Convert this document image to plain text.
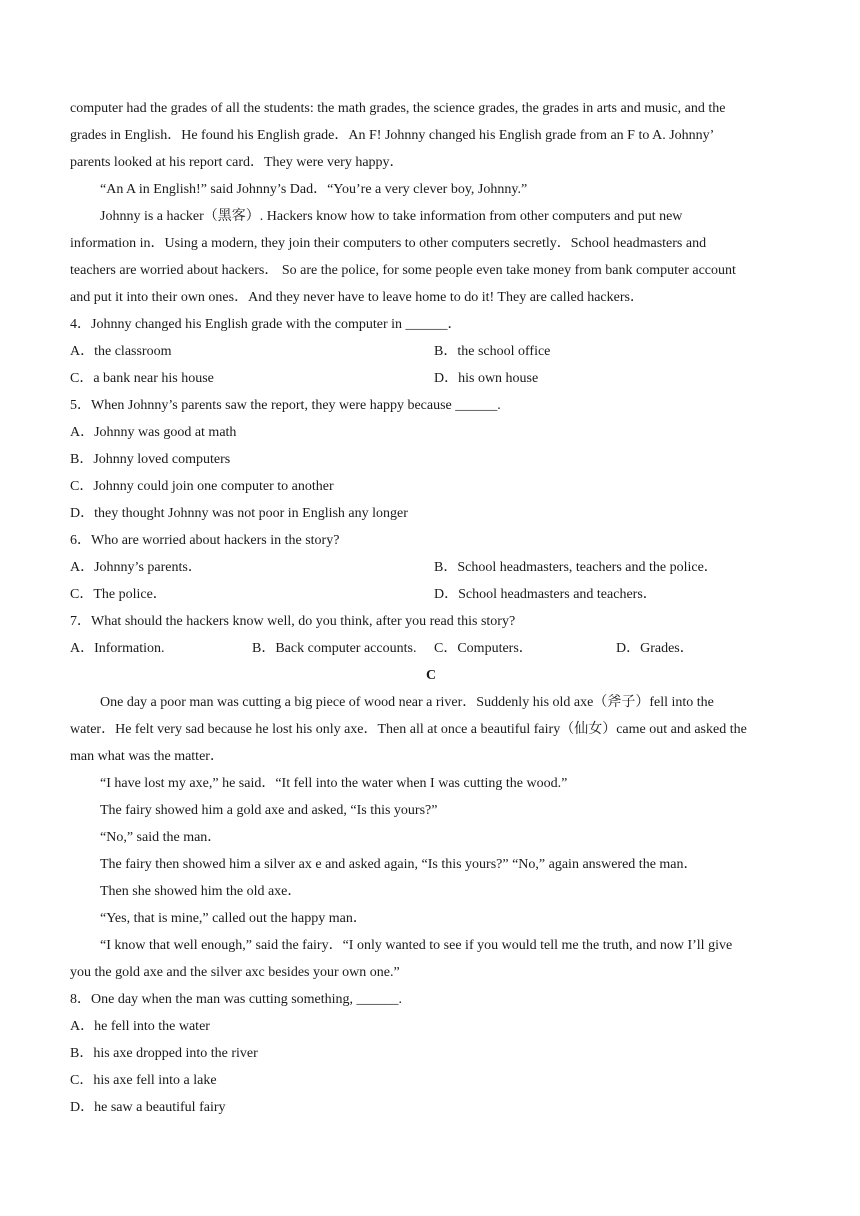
computer had the grades of all the students: the math grades, the science grades, the grades in arts and music, and the
grades in English．He found his English grade．An F! Johnny changed his English grade from an F to A. Johnny’
parents looked at his report card．They were very happy．
“An A in English!” said Johnny’s Dad．“You’re a very clever boy, Johnny.”
Johnny is a hacker（黑客）. Hackers know how to take information from other computers and put new
information in．Using a modern, they join their computers to other computers secretly．School headmasters and
teachers are worried about hackers． So are the police, for some people even take money from bank computer account
and put it into their own ones．And they never have to leave home to do it! They are called hackers．
4．Johnny changed his English grade with the computer in ______．
A．the classroom	B．the school office
C．a bank near his house	D．his own house
5．When Johnny’s parents saw the report, they were happy because ______.
A．Johnny was good at math
B．Johnny loved computers
C．Johnny could join one computer to another
D．they thought Johnny was not poor in English any longer
6．Who are worried about hackers in the story?
A．Johnny’s parents．	B．School headmasters, teachers and the police．
C．The police．	D．School headmasters and teachers．
7．What should the hackers know well, do you think, after you read this story?
A．Information.	B．Back computer accounts.	C．Computers．	D．Grades．
C
One day a poor man was cutting a big piece of wood near a river．Suddenly his old axe（斧子）fell into the
water．He felt very sad because he lost his only axe．Then all at once a beautiful fairy（仙女）came out and asked the
man what was the matter．
“I have lost my axe,” he said．“It fell into the water when I was cutting the wood.”
The fairy showed him a gold axe and asked, “Is this yours?”
“No,” said the man．
The fairy then showed him a silver ax e and asked again, “Is this yours?” “No,” again answered the man．
Then she showed him the old axe．
“Yes, that is mine,” called out the happy man．
“I know that well enough,” said the fairy．“I only wanted to see if you would tell me the truth, and now I’ll give
you the gold axe and the silver axc besides your own one.”
8．One day when the man was cutting something, ______.
A．he fell into the water
B．his axe dropped into the river
C．his axe fell into a lake
D．he saw a beautiful fairy
